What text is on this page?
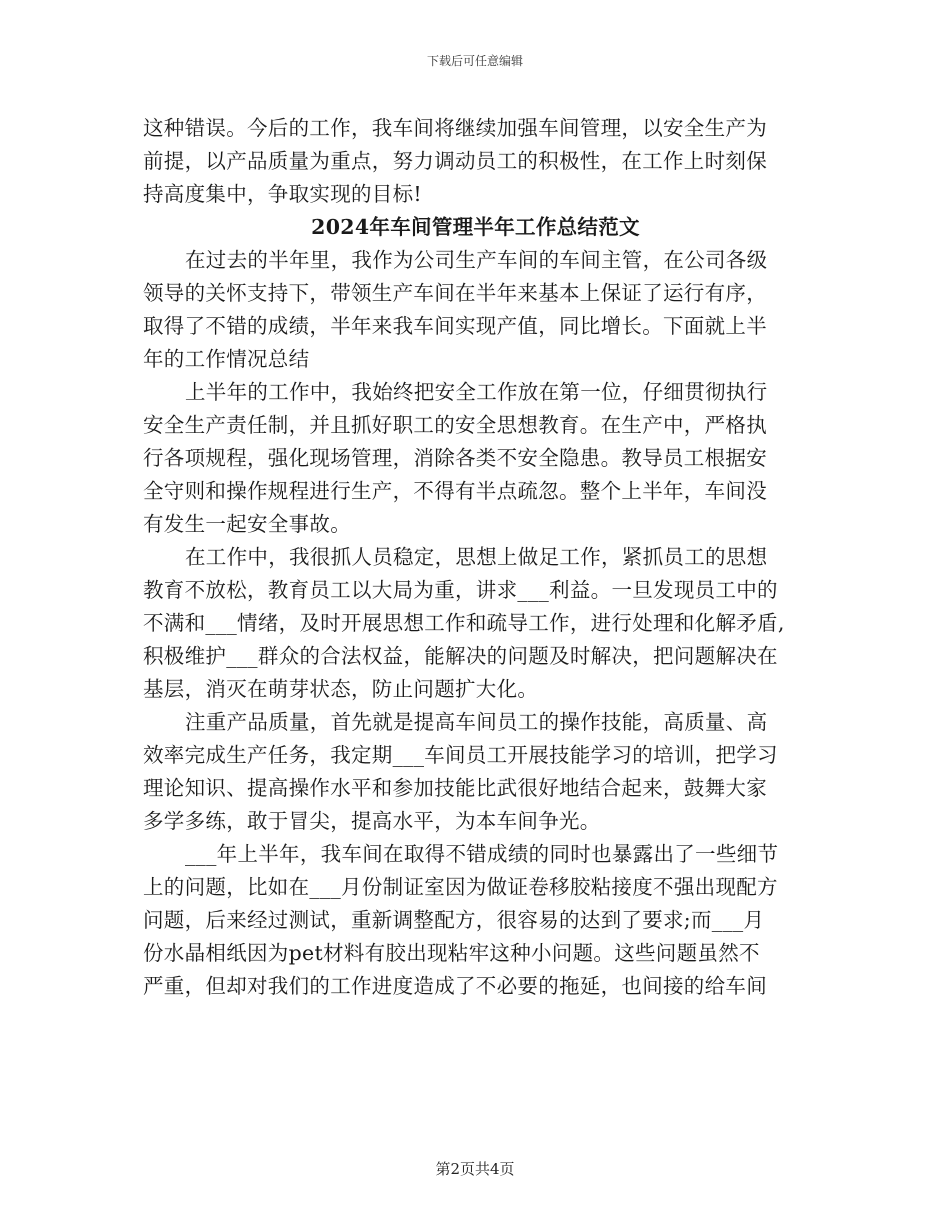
下载后可任意编辑
这种错误。今后的工作，我车间将继续加强车间管理，以安全生产为
前提，以产品质量为重点，努力调动员工的积极性，在工作上时刻保
持高度集中，争取实现的目标!
2024年车间管理半年工作总结范文
在过去的半年里，我作为公司生产车间的车间主管，在公司各级
领导的关怀支持下，带领生产车间在半年来基本上保证了运行有序，
取得了不错的成绩，半年来我车间实现产值，同比增长。下面就上半
年的工作情况总结
上半年的工作中，我始终把安全工作放在第一位，仔细贯彻执行
安全生产责任制，并且抓好职工的安全思想教育。在生产中，严格执
行各项规程，强化现场管理，消除各类不安全隐患。教导员工根据安
全守则和操作规程进行生产，不得有半点疏忽。整个上半年，车间没
有发生一起安全事故。
在工作中，我很抓人员稳定，思想上做足工作，紧抓员工的思想
教育不放松，教育员工以大局为重，讲求___利益。一旦发现员工中的
不满和___情绪，及时开展思想工作和疏导工作，进行处理和化解矛盾,
积极维护___群众的合法权益，能解决的问题及时解决，把问题解决在
基层，消灭在萌芽状态，防止问题扩大化。
注重产品质量，首先就是提高车间员工的操作技能，高质量、高
效率完成生产任务，我定期___车间员工开展技能学习的培训，把学习
理论知识、提高操作水平和参加技能比武很好地结合起来，鼓舞大家
多学多练，敢于冒尖，提高水平，为本车间争光。
___年上半年，我车间在取得不错成绩的同时也暴露出了一些细节
上的问题，比如在___月份制证室因为做证卷移胶粘接度不强出现配方
问题，后来经过测试，重新调整配方，很容易的达到了要求;而___月
份水晶相纸因为pet材料有胶出现粘牢这种小问题。这些问题虽然不
严重，但却对我们的工作进度造成了不必要的拖延，也间接的给车间
第2页共4页
